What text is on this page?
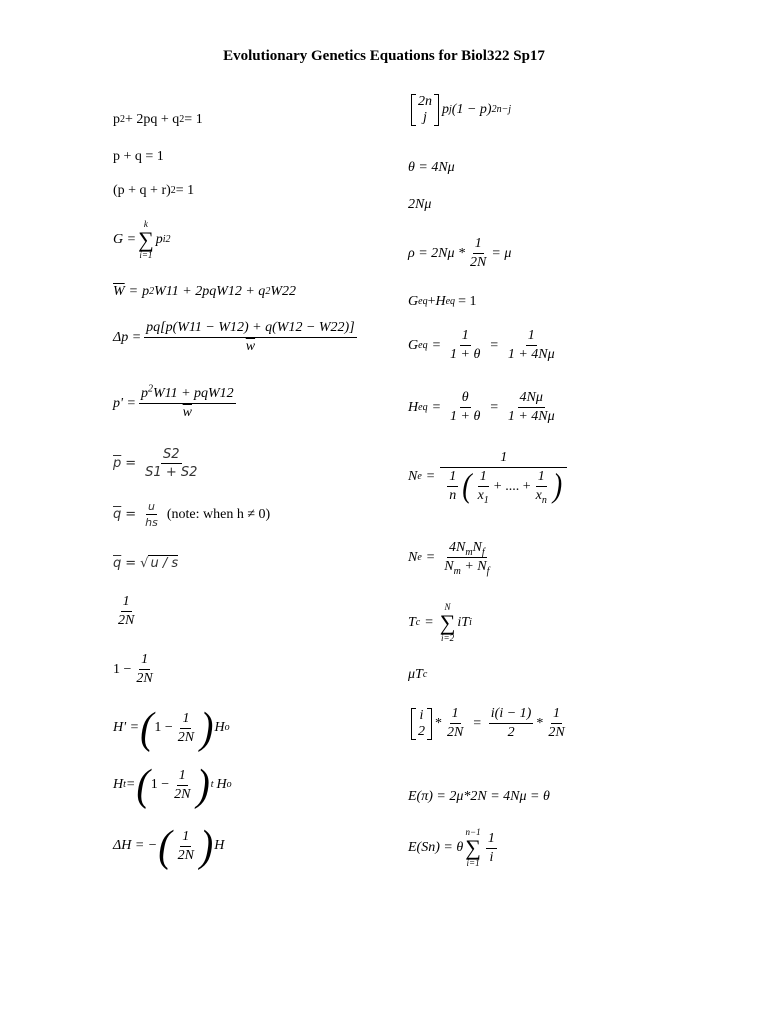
Evolutionary Genetics Equations for Biol322 Sp17
p 2 + 2pq + q 2 = 1
p + q = 1
(p + q + r) 2 = 1
G =
k
∑
i=1
p i 2
$\overline{W} = p$ 2 W11 + 2pqW12 + q 2 W22
$\Delta p = \frac{pq[p(W11 - W12) + q(W12 - W22)]}{w}$
$p' = \frac{p^2W11 + pqW12}{w}$
$\overline{p} = \frac{S2}{S1 + S2}$
$\overline{q} = \frac{u}{hs}$ (note: when h ≠ 0)
$\overline{q}$ = √ u / s
$\frac{1}{2N}$
$1 - \frac{1}{2N}$
H' = ( $1 - \frac{1}{2N}$ ) H o
H t = ( $1 - \frac{1}{2N}$ ) t H o
ΔH = − ( $\frac{1}{2N}$ ) H
2n
j
p j (1 − p) 2n−j
θ = 4Nμ
2Nμ
$\rho = 2N\mu * \frac{1}{2N} = \mu$
G eq + H eq = 1
G eq = $\frac{1}{1 + \theta} = \frac{1}{1 + 4N\mu}$
H eq = $\frac{\theta}{1 + \theta} = \frac{4N\mu}{1 + 4N\mu}$
N $e = \frac{1}{\frac{1}{n} ( \frac{1}{x_1} + .... + \frac{1}{x_n} )}$
N $e = \frac{4N_mN_f}{N_m + N_f}$
T c =
N
∑
i=2
iT i
μT c
i
2
* $\frac{1}{2N} = \frac{i(i - 1)}{2} * \frac{1}{2N}$
E(π) = 2μ*2N = 4Nμ = θ
E(Sn) = θ
n−1
∑
$i=1 \frac{1}{i}$
